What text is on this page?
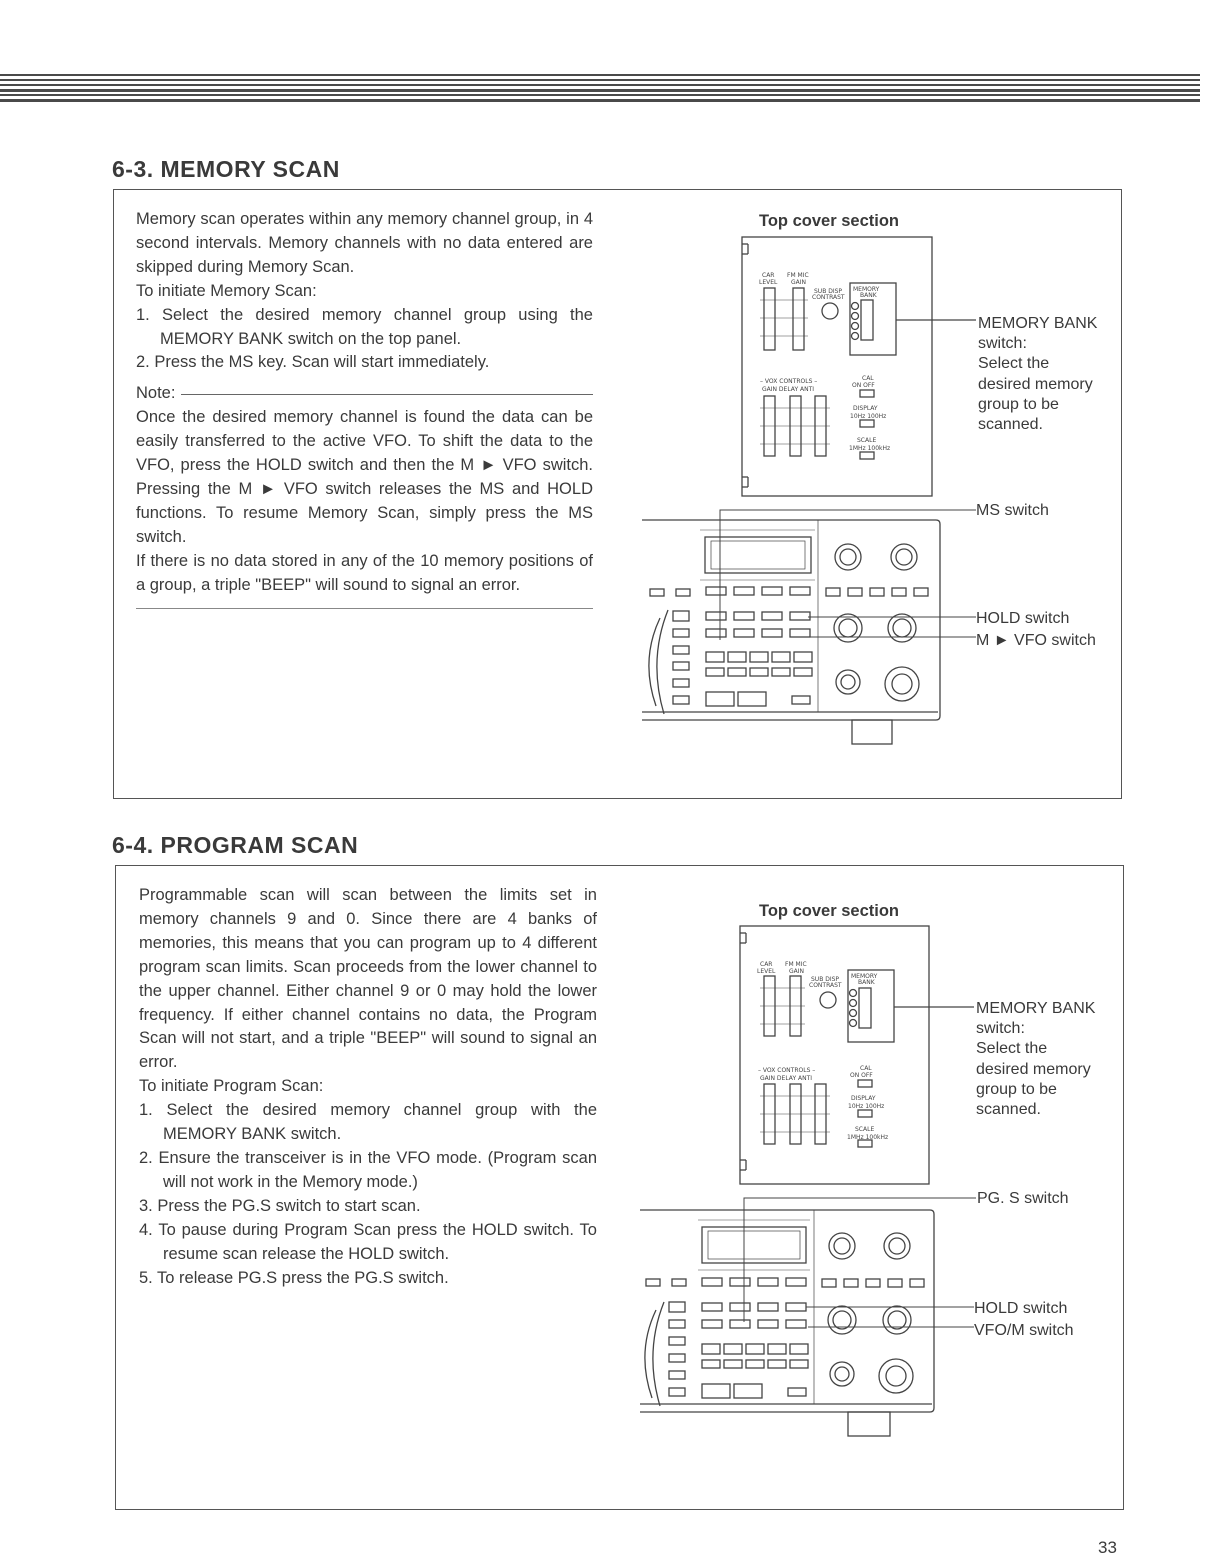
6-3. MEMORY SCAN

Memory scan operates within any memory channel group, in 4 second intervals. Memory channels with no data entered are skipped during Memory Scan.

To initiate Memory Scan:

1. Select the desired memory channel group using the MEMORY BANK switch on the top panel.

2. Press the MS key. Scan will start immediately.

Note:

Once the desired memory channel is found the data can be easily transferred to the active VFO. To shift the data to the VFO, press the HOLD switch and then the M ► VFO switch. Pressing the M ► VFO switch releases the MS and HOLD functions. To resume Memory Scan, simply press the MS switch.

If there is no data stored in any of the 10 memory positions of a group, a triple "BEEP" will sound to signal an error.

Top cover section
MEMORY BANK
switch:
Select the
desired memory
group to be
scanned.
MS switch
HOLD switch
M ► VFO switch
CAR FM MIC
LEVEL GAIN
SUB DISP
CONTRAST
MEMORY
BANK
– VOX CONTROLS –
GAIN DELAY ANTI
CAL
ON OFF
DISPLAY
10Hz 100Hz
SCALE
1MHz 100kHz
6-4. PROGRAM SCAN

Programmable scan will scan between the limits set in memory channels 9 and 0. Since there are 4 banks of memories, this means that you can program up to 4 different program scan limits. Scan proceeds from the lower channel to the upper channel. Either channel 9 or 0 may hold the lower frequency. If either channel contains no data, the Program Scan will not start, and a triple "BEEP" will sound to signal an error.

To initiate Program Scan:

1. Select the desired memory channel group with the MEMORY BANK switch.

2. Ensure the transceiver is in the VFO mode. (Program scan will not work in the Memory mode.)

3. Press the PG.S switch to start scan.

4. To pause during Program Scan press the HOLD switch. To resume scan release the HOLD switch.

5. To release PG.S press the PG.S switch.

Top cover section
MEMORY BANK
switch:
Select the
desired memory
group to be
scanned.
PG. S switch
HOLD switch
VFO/M switch
CAR FM MIC
LEVEL GAIN
SUB DISP
CONTRAST
MEMORY
BANK
– VOX CONTROLS –
GAIN DELAY ANTI
CAL
ON OFF
DISPLAY
10Hz 100Hz
SCALE
1MHz 100kHz
33
